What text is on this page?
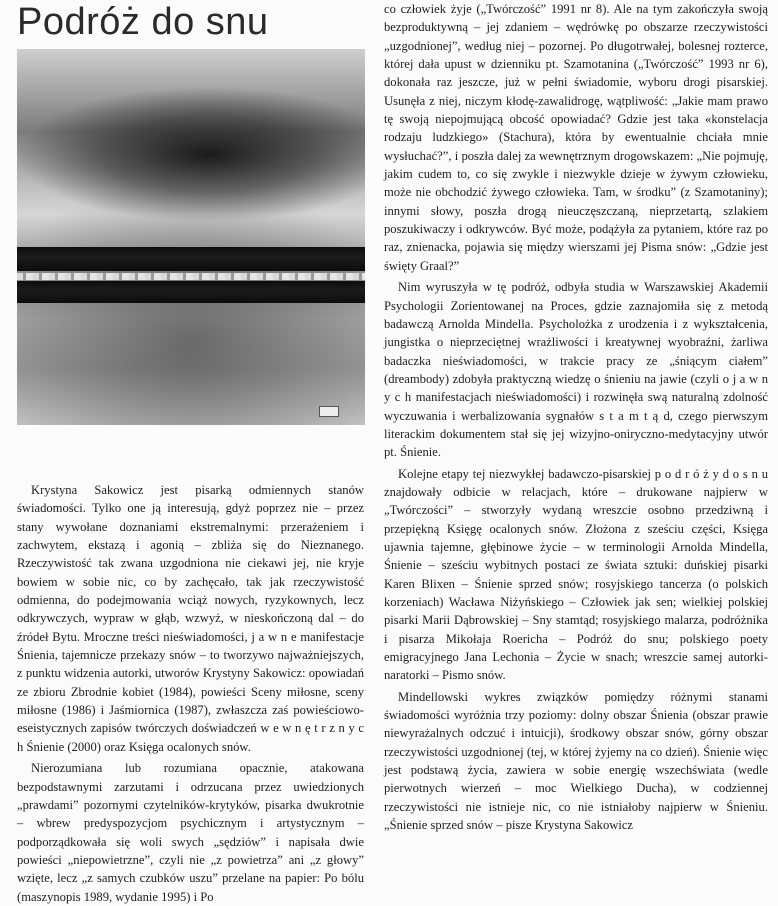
Podróż do snu

Krystyna Sakowicz jest pisarką odmiennych stanów świadomości. Tylko one ją interesują, gdyż poprzez nie – przez stany wywołane doznaniami ekstremalnymi: przerażeniem i zachwytem, ekstazą i agonią – zbliża się do Nieznanego. Rzeczywistość tak zwana uzgodniona nie ciekawi jej, nie kryje bowiem w sobie nic, co by zachęcało, tak jak rzeczywistość odmienna, do podejmowania wciąż nowych, ryzykownych, lecz odkrywczych, wypraw w głąb, wzwyż, w nieskończoną dal – do źródeł Bytu. Mroczne treści nieświadomości, j a w n e manifestacje Śnienia, tajemnicze przekazy snów – to tworzywo najważniejszych, z punktu widzenia autorki, utworów Krystyny Sakowicz: opowiadań ze zbioru Zbrodnie kobiet (1984), powieści Sceny miłosne, sceny miłosne (1986) i Jaśmiornica (1987), zwłaszcza zaś powieściowo-eseistycznych zapisów twórczych doświadczeń w e w n ę t r z n y c h Śnienie (2000) oraz Księga ocalonych snów.

Nierozumiana lub rozumiana opacznie, atakowana bezpodstawnymi zarzutami i odrzucana przez uwiedzionych „prawdami” pozornymi czytelników-krytyków, pisarka dwukrotnie – wbrew predyspozycjom psychicznym i artystycznym – podporządkowała się woli swych „sędziów” i napisała dwie powieści „niepowietrzne”, czyli nie „z powietrza” ani „z głowy” wzięte, lecz „z samych czubków uszu” przelane na papier: Po bólu (maszynopis 1989, wydanie 1995) i Po

co człowiek żyje („Twórczość” 1991 nr 8). Ale na tym zakończyła swoją bezproduktywną – jej zdaniem – wędrówkę po obszarze rzeczywistości „uzgodnionej”, według niej – pozornej. Po długotrwałej, bolesnej rozterce, której dała upust w dzienniku pt. Szamotanina („Twórczość” 1993 nr 6), dokonała raz jeszcze, już w pełni świadomie, wyboru drogi pisarskiej. Usunęła z niej, niczym kłodę-zawalidrogę, wątpliwość: „Jakie mam prawo tę swoją niepojmującą obcość opowiadać? Gdzie jest taka «konstelacja rodzaju ludzkiego» (Stachura), która by ewentualnie chciała mnie wysłuchać?”, i poszła dalej za wewnętrznym drogowskazem: „Nie pojmuję, jakim cudem to, co się zwykle i niezwykle dzieje w żywym człowieku, może nie obchodzić żywego człowieka. Tam, w środku” (z Szamotaniny); innymi słowy, poszła drogą nieuczęszczaną, nieprzetartą, szlakiem poszukiwaczy i odkrywców. Być może, podążyła za pytaniem, które raz po raz, znienacka, pojawia się między wierszami jej Pisma snów: „Gdzie jest święty Graal?”

Nim wyruszyła w tę podróż, odbyła studia w Warszawskiej Akademii Psychologii Zorientowanej na Proces, gdzie zaznajomiła się z metodą badawczą Arnolda Mindella. Psycholożka z urodzenia i z wykształcenia, jungistka o nieprzeciętnej wrażliwości i kreatywnej wyobraźni, żarliwa badaczka nieświadomości, w trakcie pracy ze „śniącym ciałem” (dreambody) zdobyła praktyczną wiedzę o śnieniu na jawie (czyli o j a w n y c h manifestacjach nieświadomości) i rozwinęła swą naturalną zdolność wyczuwania i werbalizowania sygnałów s t a m t ą d, czego pierwszym literackim dokumentem stał się jej wizyjno-oniryczno-medytacyjny utwór pt. Śnienie.

Kolejne etapy tej niezwykłej badawczo-pisarskiej p o d r ó ż y d o s n u znajdowały odbicie w relacjach, które – drukowane najpierw w „Twórczości” – stworzyły wydaną wreszcie osobno przedziwną i przepiękną Księgę ocalonych snów. Złożona z sześciu części, Księga ujawnia tajemne, głębinowe życie – w terminologii Arnolda Mindella, Śnienie – sześciu wybitnych postaci ze świata sztuki: duńskiej pisarki Karen Blixen – Śnienie sprzed snów; rosyjskiego tancerza (o polskich korzeniach) Wacława Niżyńskiego – Człowiek jak sen; wielkiej polskiej pisarki Marii Dąbrowskiej – Sny stamtąd; rosyjskiego malarza, podróżnika i pisarza Mikołaja Roericha – Podróż do snu; polskiego poety emigracyjnego Jana Lechonia – Życie w snach; wreszcie samej autorki-naratorki – Pismo snów.

Mindellowski wykres związków pomiędzy różnymi stanami świadomości wyróżnia trzy poziomy: dolny obszar Śnienia (obszar prawie niewyrażalnych odczuć i intuicji), środkowy obszar snów, górny obszar rzeczywistości uzgodnionej (tej, w której żyjemy na co dzień). Śnienie więc jest podstawą życia, zawiera w sobie energię wszechświata (wedle pierwotnych wierzeń – moc Wielkiego Ducha), w codziennej rzeczywistości nie istnieje nic, co nie istniałoby najpierw w Śnieniu. „Śnienie sprzed snów – pisze Krystyna Sakowicz
